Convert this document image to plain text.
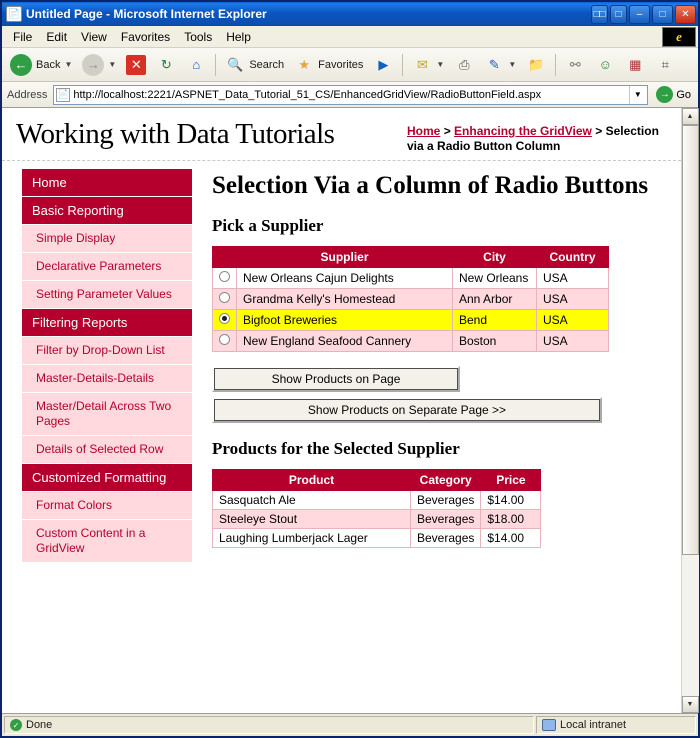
📄 Untitled Page - Microsoft Internet Explorer	□□ □	–	□	✕
File	Edit	View	Favorites	Tools	Help	e
← Back ▼	→	▼	✕	↻	⌂	🔍 Search	★ Favorites	▶	✉	▼	⎙	✎	▼ 📁	⚯	☺ ▦	⌗
Address 📄 http://localhost:2221/ASPNET_Data_Tutorial_51_CS/EnhancedGridView/RadioButtonField.aspx	▼	→ Go
Working with Data Tutorials	Home > Enhancing the GridView > Selection via a Radio Button Column
Home
Basic Reporting
Simple Display
Declarative Parameters
Setting Parameter Values
Filtering Reports
Filter by Drop-Down List
Master-Details-Details
Master/Detail Across Two Pages
Details of Selected Row
Customized Formatting
Format Colors
Custom Content in a GridView
Selection Via a Column of Radio Buttons
Pick a Supplier
	Supplier	City	Country
	New Orleans Cajun Delights	New Orleans	USA
	Grandma Kelly's Homestead	Ann Arbor	USA
	Bigfoot Breweries	Bend	USA
	New England Seafood Cannery	Boston	USA
Show Products on Page
Show Products on Separate Page >>
Products for the Selected Supplier
Product	Category	Price
Sasquatch Ale	Beverages	$14.00
Steeleye Stout	Beverages	$18.00
Laughing Lumberjack Lager	Beverages	$14.00
▲
▼
✓ Done	Local intranet
